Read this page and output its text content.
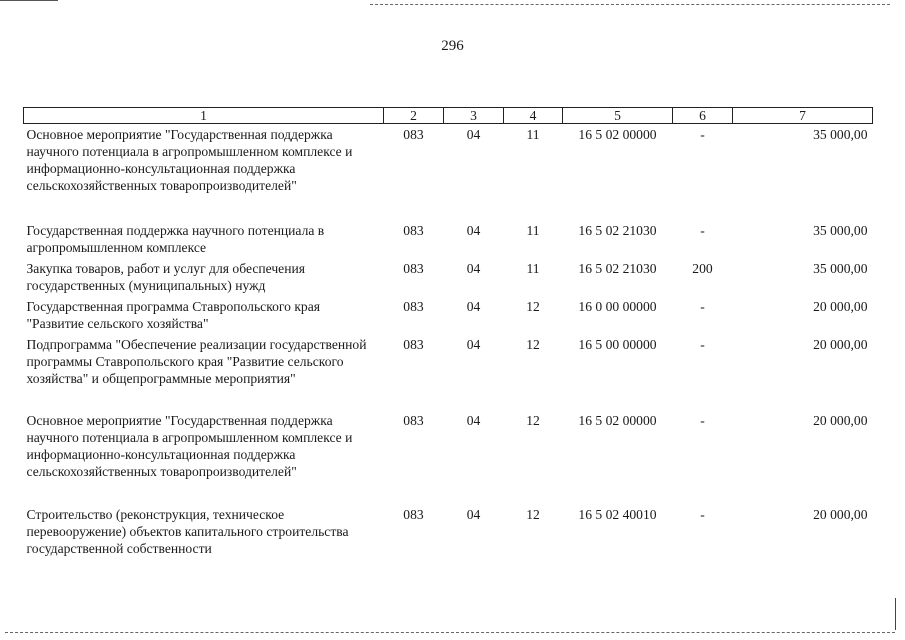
296
1	2	3	4	5	6	7
Основное мероприятие "Государственная поддержка научного потенциала в агропромышленном комплексе и информационно-консультационная поддержка сельскохозяйственных товаропроизводителей"	083	04	11	16 5 02 00000	-	35 000,00
Государственная поддержка научного потенциала в агропромышленном комплексе	083	04	11	16 5 02 21030	-	35 000,00
Закупка товаров, работ и услуг для обеспечения государственных (муниципальных) нужд	083	04	11	16 5 02 21030	200	35 000,00
Государственная программа Ставропольского края "Развитие сельского хозяйства"	083	04	12	16 0 00 00000	-	20 000,00
Подпрограмма "Обеспечение реализации государственной программы Ставропольского края "Развитие сельского хозяйства" и общепрограммные мероприятия"	083	04	12	16 5 00 00000	-	20 000,00
Основное мероприятие "Государственная поддержка научного потенциала в агропромышленном комплексе и информационно-консультационная поддержка сельскохозяйственных товаропроизводителей"	083	04	12	16 5 02 00000	-	20 000,00
Строительство (реконструкция, техническое перевооружение) объектов капитального строительства государственной собственности	083	04	12	16 5 02 40010	-	20 000,00
